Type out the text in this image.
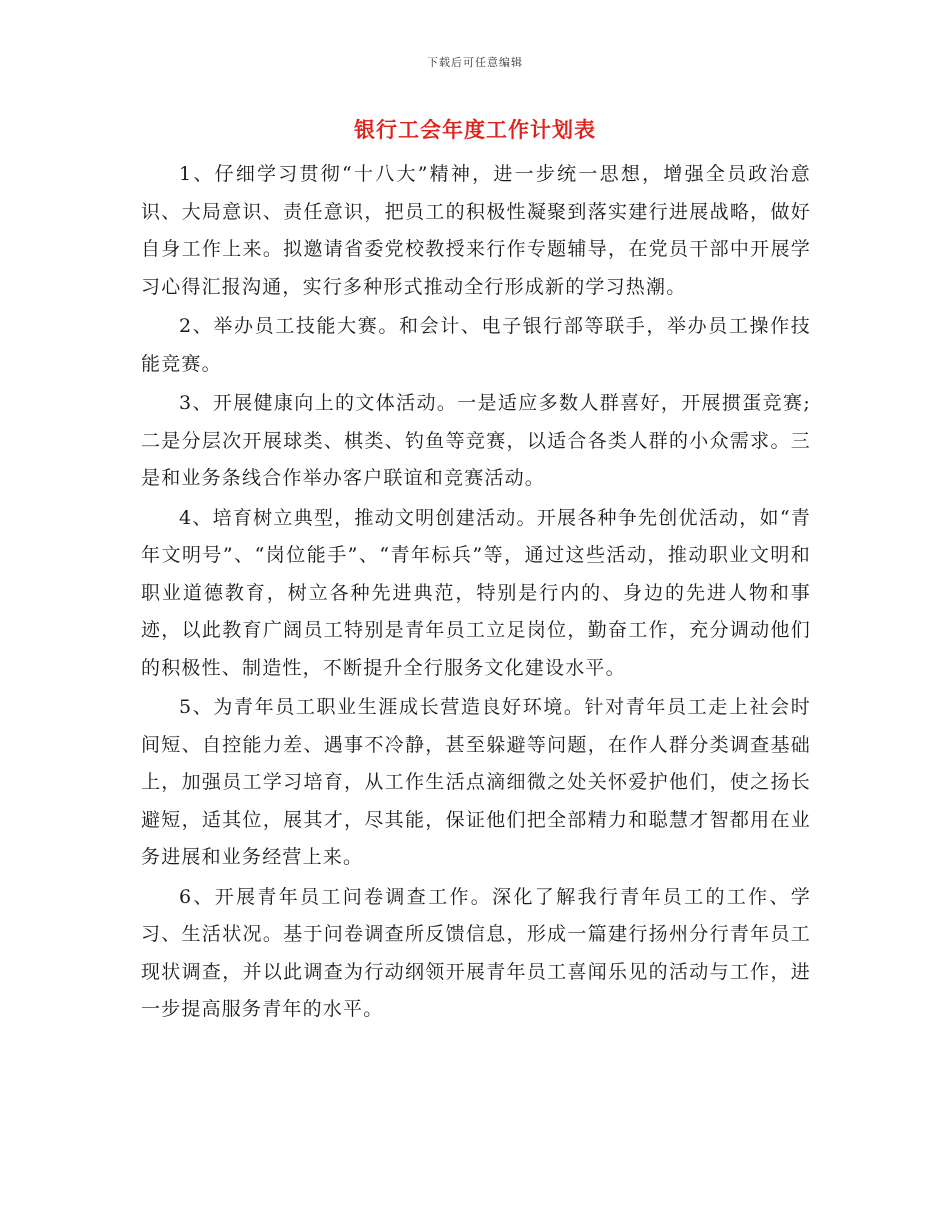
下载后可任意编辑
银行工会年度工作计划表

1、仔细学习贯彻“十八大”精神，进一步统一思想，增强全员政治意识、大局意识、责任意识，把员工的积极性凝聚到落实建行进展战略，做好自身工作上来。拟邀请省委党校教授来行作专题辅导，在党员干部中开展学习心得汇报沟通，实行多种形式推动全行形成新的学习热潮。

2、举办员工技能大赛。和会计、电子银行部等联手，举办员工操作技能竞赛。

3、开展健康向上的文体活动。一是适应多数人群喜好，开展掼蛋竞赛;二是分层次开展球类、棋类、钓鱼等竞赛，以适合各类人群的小众需求。三是和业务条线合作举办客户联谊和竞赛活动。

4、培育树立典型，推动文明创建活动。开展各种争先创优活动，如“青年文明号”、“岗位能手”、“青年标兵”等，通过这些活动，推动职业文明和职业道德教育，树立各种先进典范，特别是行内的、身边的先进人物和事迹，以此教育广阔员工特别是青年员工立足岗位，勤奋工作，充分调动他们的积极性、制造性，不断提升全行服务文化建设水平。

5、为青年员工职业生涯成长营造良好环境。针对青年员工走上社会时间短、自控能力差、遇事不冷静，甚至躲避等问题，在作人群分类调查基础上，加强员工学习培育，从工作生活点滴细微之处关怀爱护他们，使之扬长避短，适其位，展其才，尽其能，保证他们把全部精力和聪慧才智都用在业务进展和业务经营上来。

6、开展青年员工问卷调查工作。深化了解我行青年员工的工作、学习、生活状况。基于问卷调查所反馈信息，形成一篇建行扬州分行青年员工现状调查，并以此调查为行动纲领开展青年员工喜闻乐见的活动与工作，进一步提高服务青年的水平。
